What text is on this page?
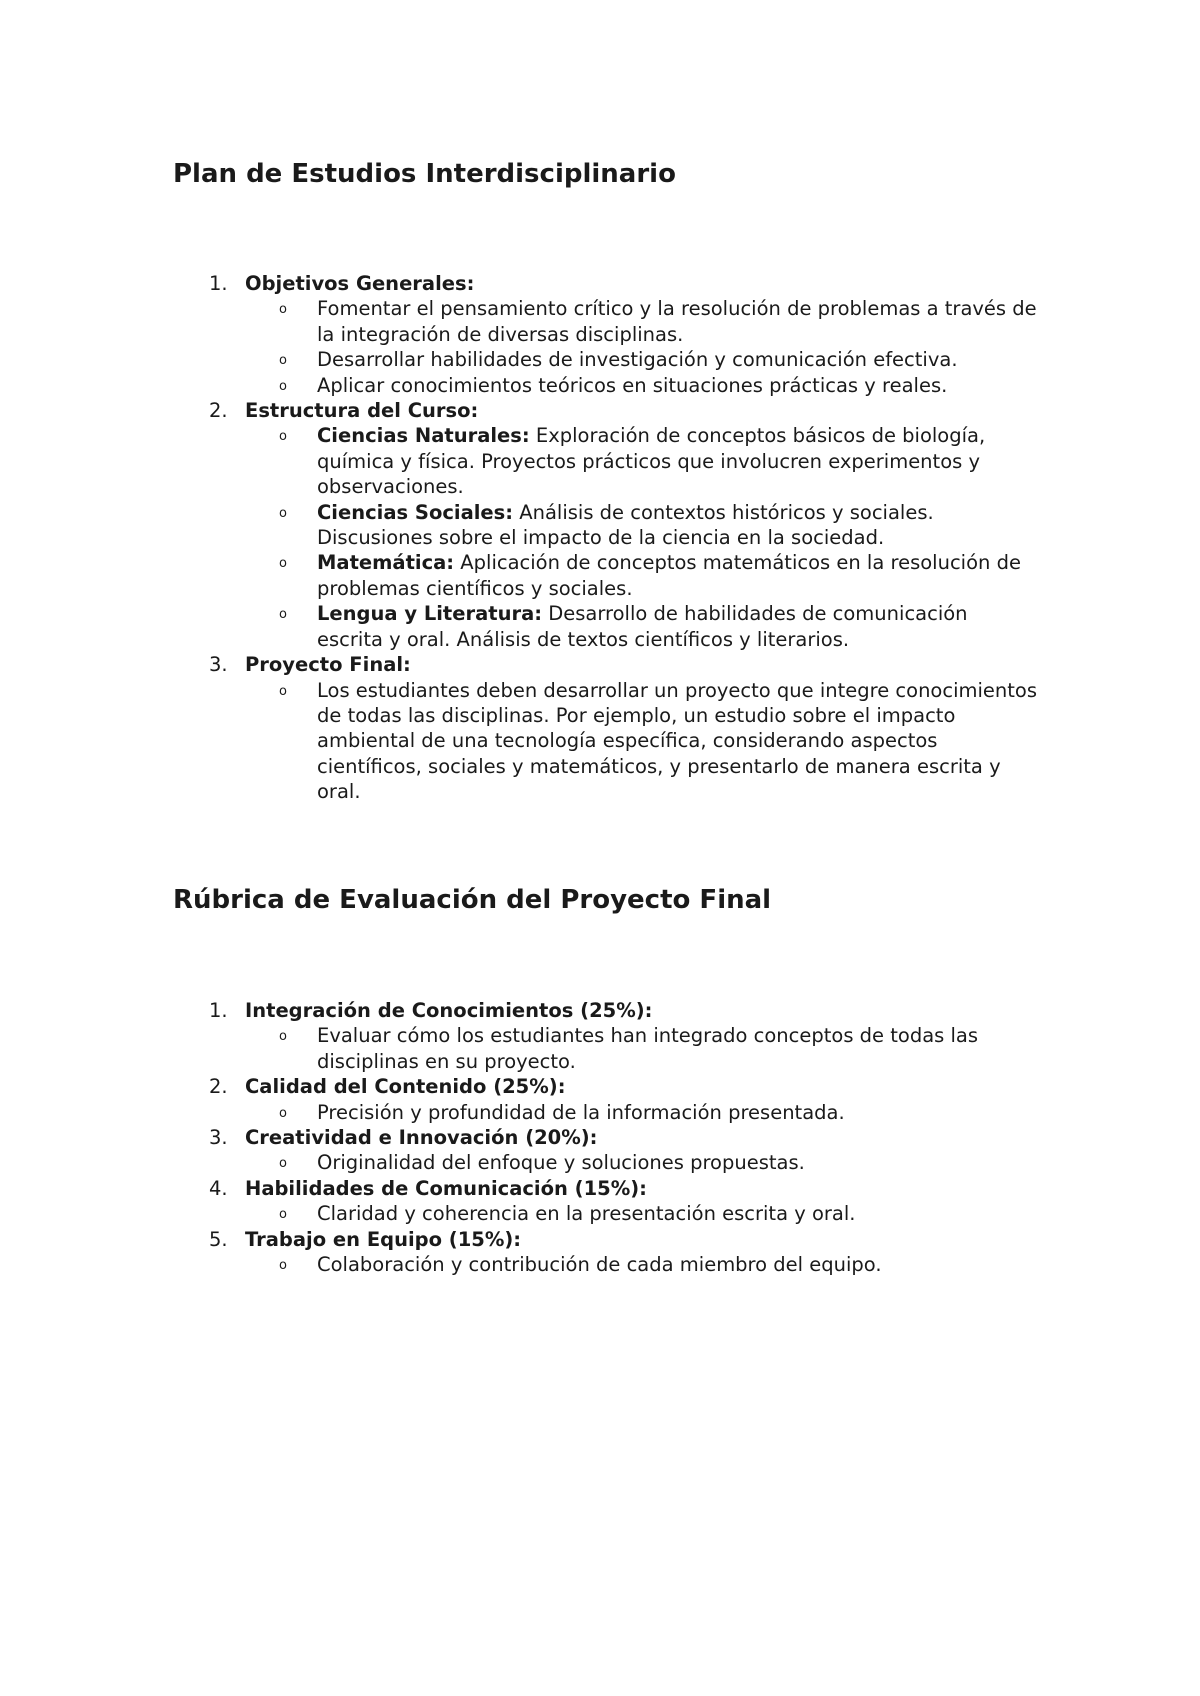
Plan de Estudios Interdisciplinario
1. Objetivos Generales:
o Fomentar el pensamiento crítico y la resolución de problemas a través de la integración de diversas disciplinas.
o Desarrollar habilidades de investigación y comunicación efectiva.
o Aplicar conocimientos teóricos en situaciones prácticas y reales.
2. Estructura del Curso:
o Ciencias Naturales: Exploración de conceptos básicos de biología, química y física. Proyectos prácticos que involucren experimentos y observaciones.
o Ciencias Sociales: Análisis de contextos históricos y sociales. Discusiones sobre el impacto de la ciencia en la sociedad.
o Matemática: Aplicación de conceptos matemáticos en la resolución de problemas científicos y sociales.
o Lengua y Literatura: Desarrollo de habilidades de comunicación escrita y oral. Análisis de textos científicos y literarios.
3. Proyecto Final:
o Los estudiantes deben desarrollar un proyecto que integre conocimientos de todas las disciplinas. Por ejemplo, un estudio sobre el impacto ambiental de una tecnología específica, considerando aspectos científicos, sociales y matemáticos, y presentarlo de manera escrita y oral.
Rúbrica de Evaluación del Proyecto Final
1. Integración de Conocimientos (25%):
o Evaluar cómo los estudiantes han integrado conceptos de todas las disciplinas en su proyecto.
2. Calidad del Contenido (25%):
o Precisión y profundidad de la información presentada.
3. Creatividad e Innovación (20%):
o Originalidad del enfoque y soluciones propuestas.
4. Habilidades de Comunicación (15%):
o Claridad y coherencia en la presentación escrita y oral.
5. Trabajo en Equipo (15%):
o Colaboración y contribución de cada miembro del equipo.
